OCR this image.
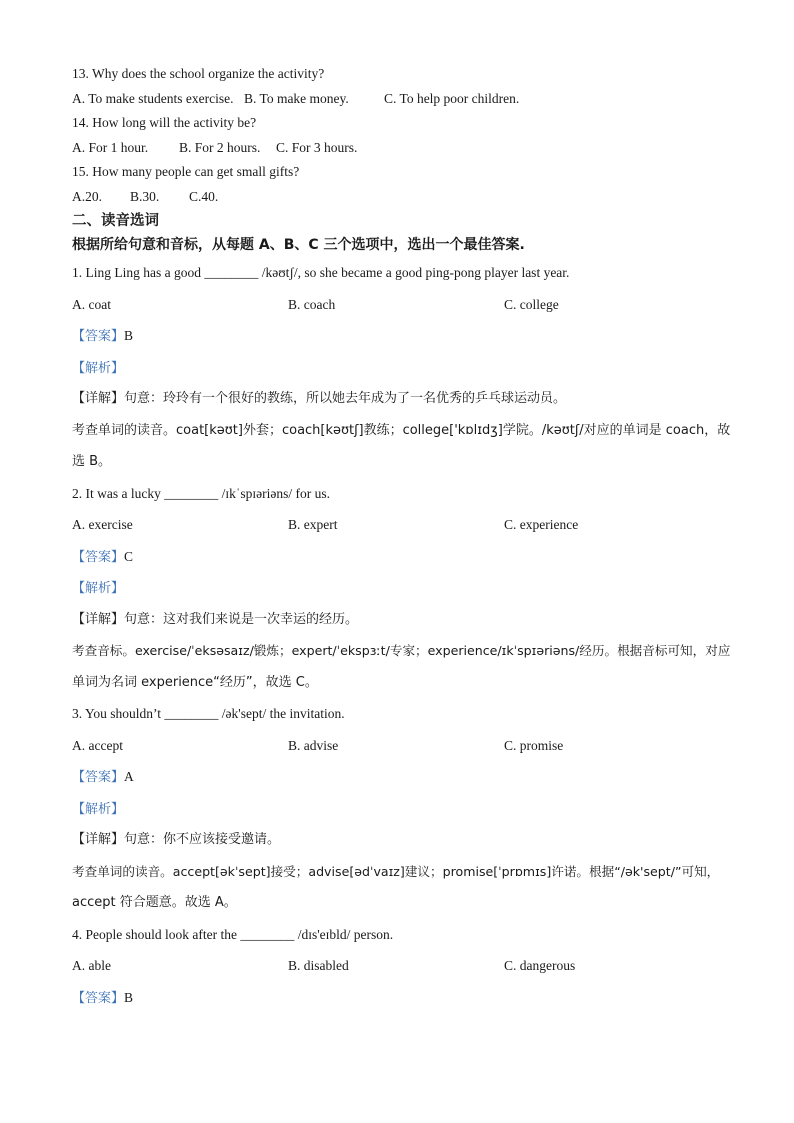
13. Why does the school organize the activity?
A. To make students exercise. B. To make money.	C. To help poor children.
14. How long will the activity be?
A. For 1 hour. B. For 2 hours. C. For 3 hours.
15. How many people can get small gifts?
A.20. B.30. C.40.
二、读音选词
根据所给句意和音标，从每题 A、B、C 三个选项中，选出一个最佳答案.
1. Ling Ling has a good ________ /kəʊtʃ/, so she became a good ping-pong player last year.
A. coat	B. coach	C. college
【答案】B
【解析】
【详解】句意：玲玲有一个很好的教练，所以她去年成为了一名优秀的乒乓球运动员。
考查单词的读音。coat[kəʊt]外套；coach[kəʊtʃ]教练；college['kɒlɪdʒ]学院。/kəʊtʃ/对应的单词是 coach，故
选 B。
2. It was a lucky ________ /ɪkˈspɪəriəns/ for us.
A. exercise	B. expert	C. experience
【答案】C
【解析】
【详解】句意：这对我们来说是一次幸运的经历。
考查音标。exercise/ˈeksəsaɪz/锻炼；expert/ˈekspɜːt/专家；experience/ɪkˈspɪəriəns/经历。根据音标可知，对应
单词为名词 experience“经历”，故选 C。
3. You shouldn’t ________ /ək'sept/ the invitation.
A. accept	B. advise	C. promise
【答案】A
【解析】
【详解】句意：你不应该接受邀请。
考查单词的读音。accept[əkˈsept]接受；advise[ədˈvaɪz]建议；promise[ˈprɒmɪs]许诺。根据“/ək'sept/”可知，
accept 符合题意。故选 A。
4. People should look after the ________ /dɪs'eɪbld/ person.
A. able	B. disabled	C. dangerous
【答案】B
